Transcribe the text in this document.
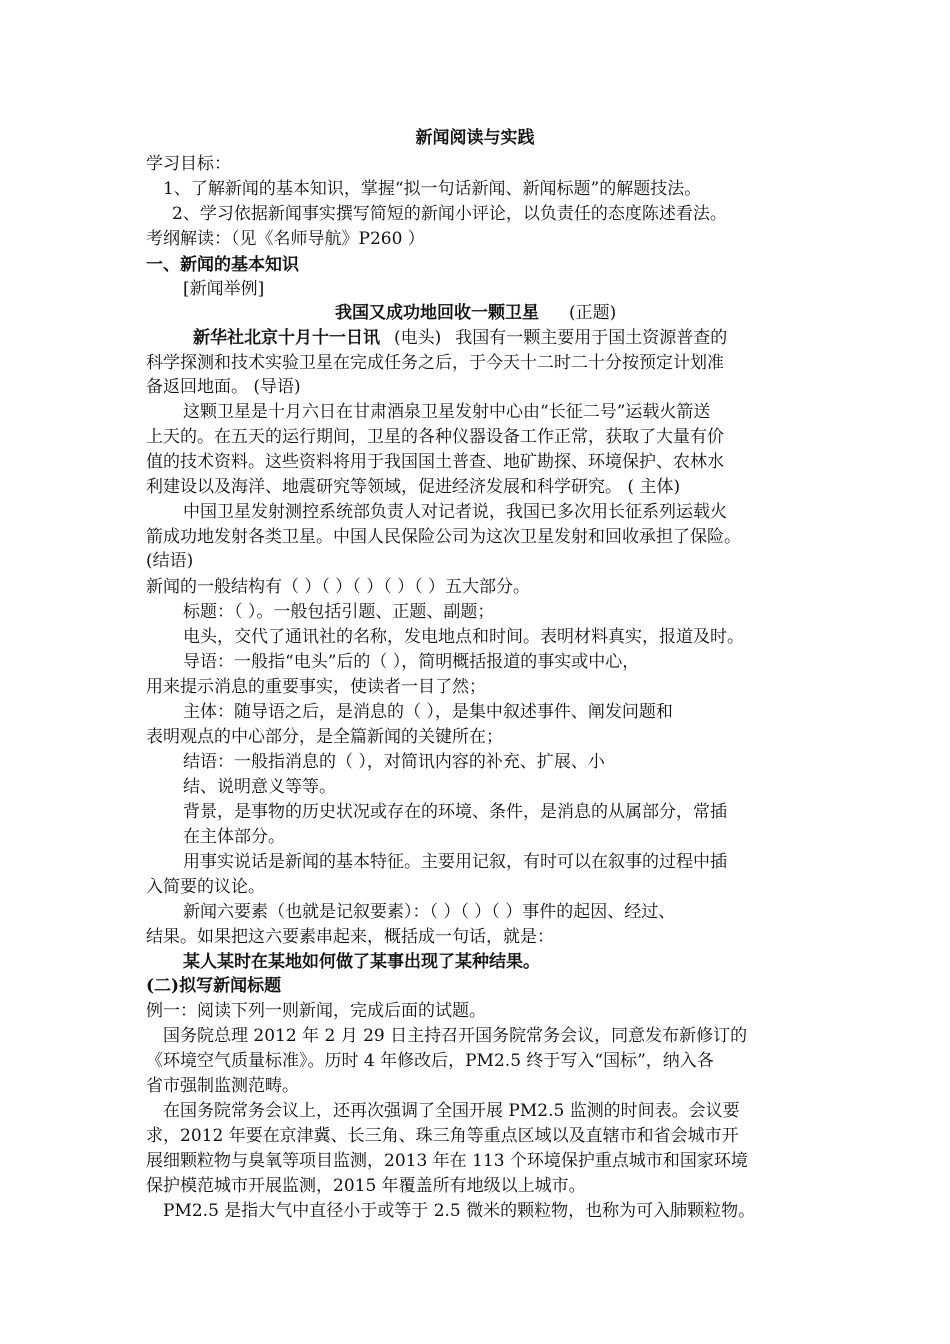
新闻阅读与实践
学习目标：
1、了解新闻的基本知识，掌握“拟一句话新闻、新闻标题”的解题技法。
2、学习依据新闻事实撰写简短的新闻小评论，以负责任的态度陈述看法。
考纲解读：（见《名师导航》P260 ）
一、新闻的基本知识
[新闻举例]
我国又成功地回收一颗卫星 (正题)
新华社北京十月十一日讯 (电头) 我国有一颗主要用于国土资源普查的
科学探测和技术实验卫星在完成任务之后，于今天十二时二十分按预定计划准
备返回地面。 (导语)
这颗卫星是十月六日在甘肃酒泉卫星发射中心由“长征二号”运载火箭送
上天的。在五天的运行期间，卫星的各种仪器设备工作正常，获取了大量有价
值的技术资料。这些资料将用于我国国土普查、地矿勘探、环境保护、农林水
利建设以及海洋、地震研究等领域，促进经济发展和科学研究。 ( 主体)
中国卫星发射测控系统部负责人对记者说，我国已多次用长征系列运载火
箭成功地发射各类卫星。中国人民保险公司为这次卫星发射和回收承担了保险。
(结语)
新闻的一般结构有（ ）（ ）（ ）（ ）（ ）五大部分。
标题：（ ）。一般包括引题、正题、副题；
电头，交代了通讯社的名称，发电地点和时间。表明材料真实，报道及时。
导语：一般指“电头”后的（ ），简明概括报道的事实或中心，
用来提示消息的重要事实，使读者一目了然；
主体：随导语之后，是消息的（ ），是集中叙述事件、阐发问题和
表明观点的中心部分，是全篇新闻的关键所在；
结语：一般指消息的（ ），对简讯内容的补充、扩展、小
结、说明意义等等。
背景，是事物的历史状况或存在的环境、条件，是消息的从属部分，常插
在主体部分。
用事实说话是新闻的基本特征。主要用记叙，有时可以在叙事的过程中插
入简要的议论。
新闻六要素（也就是记叙要素）：（ ）（ ）（ ）事件的起因、经过、
结果。如果把这六要素串起来，概括成一句话，就是：
某人某时在某地如何做了某事出现了某种结果。
(二)拟写新闻标题
例一：阅读下列一则新闻，完成后面的试题。
国务院总理 2012 年 2 月 29 日主持召开国务院常务会议，同意发布新修订的
《环境空气质量标准》。历时 4 年修改后，PM2.5 终于写入“国标”，纳入各
省市强制监测范畴。
在国务院常务会议上，还再次强调了全国开展 PM2.5 监测的时间表。会议要
求，2012 年要在京津冀、长三角、珠三角等重点区域以及直辖市和省会城市开
展细颗粒物与臭氧等项目监测，2013 年在 113 个环境保护重点城市和国家环境
保护模范城市开展监测，2015 年覆盖所有地级以上城市。
PM2.5 是指大气中直径小于或等于 2.5 微米的颗粒物，也称为可入肺颗粒物。
